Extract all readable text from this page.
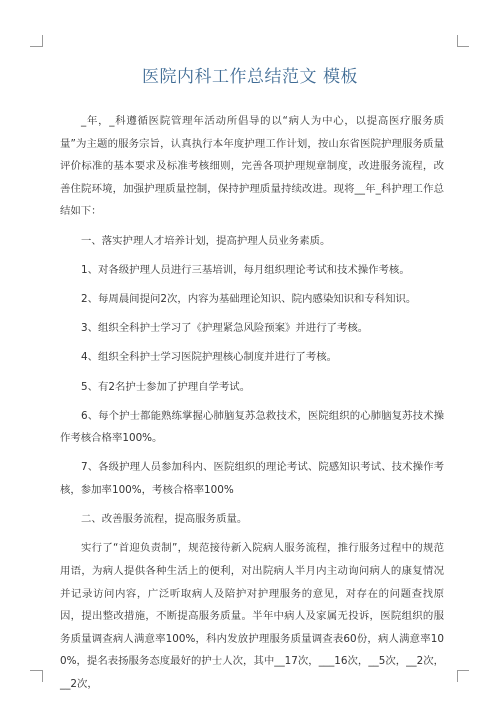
医院内科工作总结范文 模板

_年，_科遵循医院管理年活动所倡导的以“病人为中心，以提高医疗服务质量”为主题的服务宗旨，认真执行本年度护理工作计划，按山东省医院护理服务质量评价标准的基本要求及标准考核细则，完善各项护理规章制度，改进服务流程，改善住院环境，加强护理质量控制，保持护理质量持续改进。现将__年_科护理工作总结如下：

一、落实护理人才培养计划，提高护理人员业务素质。

1、对各级护理人员进行三基培训，每月组织理论考试和技术操作考核。

2、每周晨间提问2次，内容为基础理论知识、院内感染知识和专科知识。

3、组织全科护士学习了《护理紧急风险预案》并进行了考核。

4、组织全科护士学习医院护理核心制度并进行了考核。

5、有2名护士参加了护理自学考试。

6、每个护士都能熟练掌握心肺脑复苏急救技术，医院组织的心肺脑复苏技术操作考核合格率100%。

7、各级护理人员参加科内、医院组织的理论考试、院感知识考试、技术操作考核，参加率100%，考核合格率100%

二、改善服务流程，提高服务质量。

实行了“首迎负责制”，规范接待新入院病人服务流程，推行服务过程中的规范用语，为病人提供各种生活上的便利，对出院病人半月内主动询问病人的康复情况并记录访问内容，广泛听取病人及陪护对护理服务的意见，对存在的问题查找原因，提出整改措施，不断提高服务质量。半年中病人及家属无投诉，医院组织的服务质量调查病人满意率100%，科内发放护理服务质量调查表60份，病人满意率100%，提名表扬服务态度最好的护士人次，其中__17次，___16次，__5次，__2次，__2次，
